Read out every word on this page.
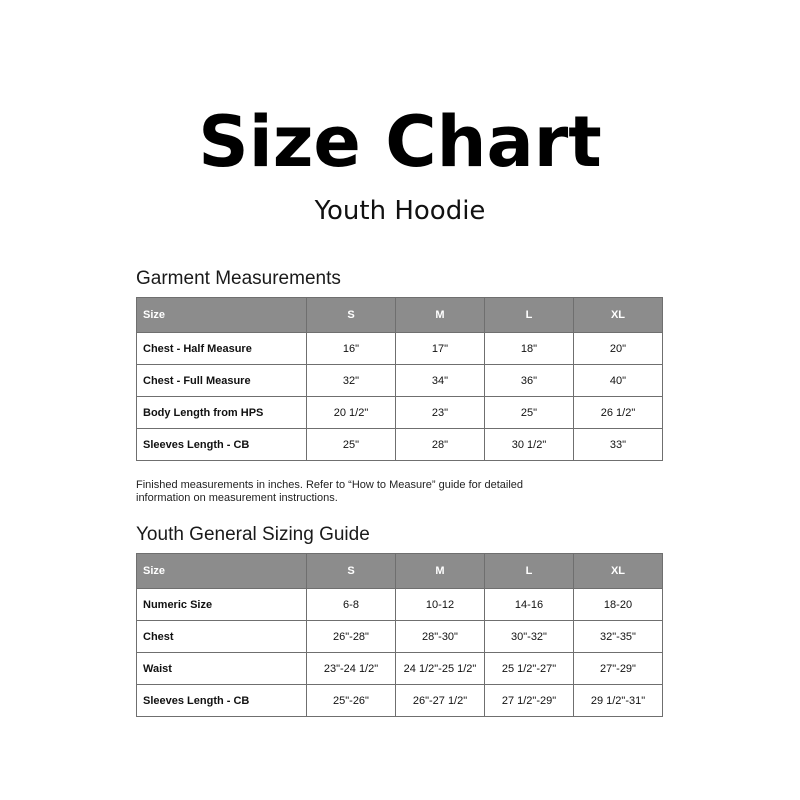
Size Chart
Youth Hoodie
Garment Measurements
Size	S	M	L	XL
Chest - Half Measure	16"	17"	18"	20"
Chest - Full Measure	32"	34"	36"	40"
Body Length from HPS	20 1/2"	23"	25"	26 1/2"
Sleeves Length - CB	25"	28"	30 1/2"	33"
Finished measurements in inches. Refer to “How to Measure” guide for detailed
information on measurement instructions.
Youth General Sizing Guide
Size	S	M	L	XL
Numeric Size	6-8	10-12	14-16	18-20
Chest	26"-28"	28"-30"	30"-32"	32"-35"
Waist	23"-24 1/2"	24 1/2"-25 1/2"	25 1/2"-27"	27"-29"
Sleeves Length - CB	25"-26"	26"-27 1/2"	27 1/2"-29"	29 1/2"-31"
